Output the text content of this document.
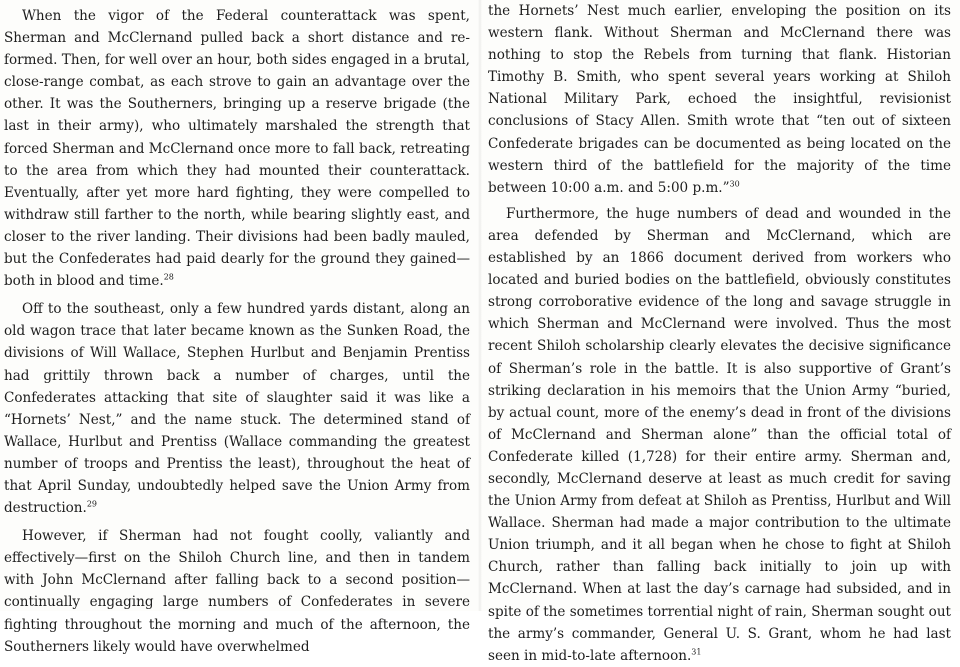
When the vigor of the Federal counterattack was spent, Sherman and McClernand pulled back a short distance and re-formed. Then, for well over an hour, both sides engaged in a brutal, close-range combat, as each strove to gain an advantage over the other. It was the Southerners, bringing up a reserve brigade (the last in their army), who ultimately marshaled the strength that forced Sherman and McClernand once more to fall back, retreating to the area from which they had mounted their counterattack. Eventually, after yet more hard fighting, they were compelled to withdraw still farther to the north, while bearing slightly east, and closer to the river landing. Their divisions had been badly mauled, but the Confederates had paid dearly for the ground they gained—both in blood and time.$^{28}$

Off to the southeast, only a few hundred yards distant, along an old wagon trace that later became known as the Sunken Road, the divisions of Will Wallace, Stephen Hurlbut and Benjamin Prentiss had grittily thrown back a number of charges, until the Confederates attacking that site of slaughter said it was like a “Hornets’ Nest,” and the name stuck. The determined stand of Wallace, Hurlbut and Prentiss (Wallace commanding the greatest number of troops and Prentiss the least), throughout the heat of that April Sunday, undoubtedly helped save the Union Army from destruction.$^{29}$

However, if Sherman had not fought coolly, valiantly and effectively—first on the Shiloh Church line, and then in tandem with John McClernand after falling back to a second position—continually engaging large numbers of Confederates in severe fighting throughout the morning and much of the afternoon, the Southerners likely would have overwhelmed

the Hornets’ Nest much earlier, enveloping the position on its western flank. Without Sherman and McClernand there was nothing to stop the Rebels from turning that flank. Historian Timothy B. Smith, who spent several years working at Shiloh National Military Park, echoed the insightful, revisionist conclusions of Stacy Allen. Smith wrote that “ten out of sixteen Confederate brigades can be documented as being located on the western third of the battlefield for the majority of the time between 10:00 a.m. and 5:00 p.m.”$^{30}$

Furthermore, the huge numbers of dead and wounded in the area defended by Sherman and McClernand, which are established by an 1866 document derived from workers who located and buried bodies on the battlefield, obviously constitutes strong corroborative evidence of the long and savage struggle in which Sherman and McClernand were involved. Thus the most recent Shiloh scholarship clearly elevates the decisive significance of Sherman’s role in the battle. It is also supportive of Grant’s striking declaration in his memoirs that the Union Army “buried, by actual count, more of the enemy’s dead in front of the divisions of McClernand and Sherman alone” than the official total of Confederate killed (1,728) for their entire army. Sherman and, secondly, McClernand deserve at least as much credit for saving the Union Army from defeat at Shiloh as Prentiss, Hurlbut and Will Wallace. Sherman had made a major contribution to the ultimate Union triumph, and it all began when he chose to fight at Shiloh Church, rather than falling back initially to join up with McClernand. When at last the day’s carnage had subsided, and in spite of the sometimes torrential night of rain, Sherman sought out the army’s commander, General U. S. Grant, whom he had last seen in mid-to-late afternoon.$^{31}$
